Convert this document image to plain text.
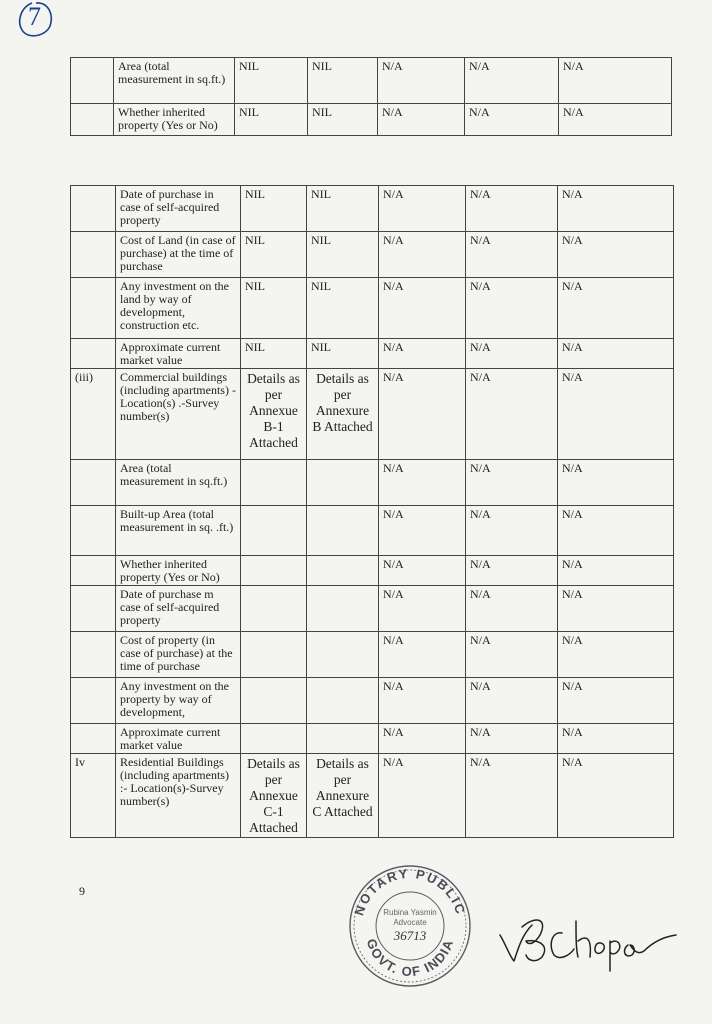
7
	Area (total measurement in sq.ft.)	NIL	NIL	N/A	N/A	N/A
	Whether inherited property (Yes or No)	NIL	NIL	N/A	N/A	N/A
	Date of purchase in case of self-acquired property	NIL	NIL	N/A	N/A	N/A
	Cost of Land (in case of purchase) at the time of purchase	NIL	NIL	N/A	N/A	N/A
	Any investment on the land by way of development, construction etc.	NIL	NIL	N/A	N/A	N/A
	Approximate current market value	NIL	NIL	N/A	N/A	N/A
(iii)	Commercial buildings (including apartments) - Location(s) .-Survey number(s)	Details as per Annexue B-1 Attached	Details as per Annexure B Attached	N/A	N/A	N/A
	Area (total measurement in sq.ft.)			N/A	N/A	N/A
	Built-up Area (total measurement in sq. .ft.)			N/A	N/A	N/A
	Whether inherited property (Yes or No)			N/A	N/A	N/A
	Date of purchase m case of self-acquired property			N/A	N/A	N/A
	Cost of property (in case of purchase) at the time of purchase			N/A	N/A	N/A
	Any investment on the property by way of development,			N/A	N/A	N/A
	Approximate current market value			N/A	N/A	N/A
Iv	Residential Buildings (including apartments) :- Location(s)-Survey number(s)	Details as per Annexue C-1 Attached	Details as per Annexure C Attached	N/A	N/A	N/A
9
NOTARY PUBLIC
GOVT. OF INDIA
Rubina Yasmin
Advocate
36713
